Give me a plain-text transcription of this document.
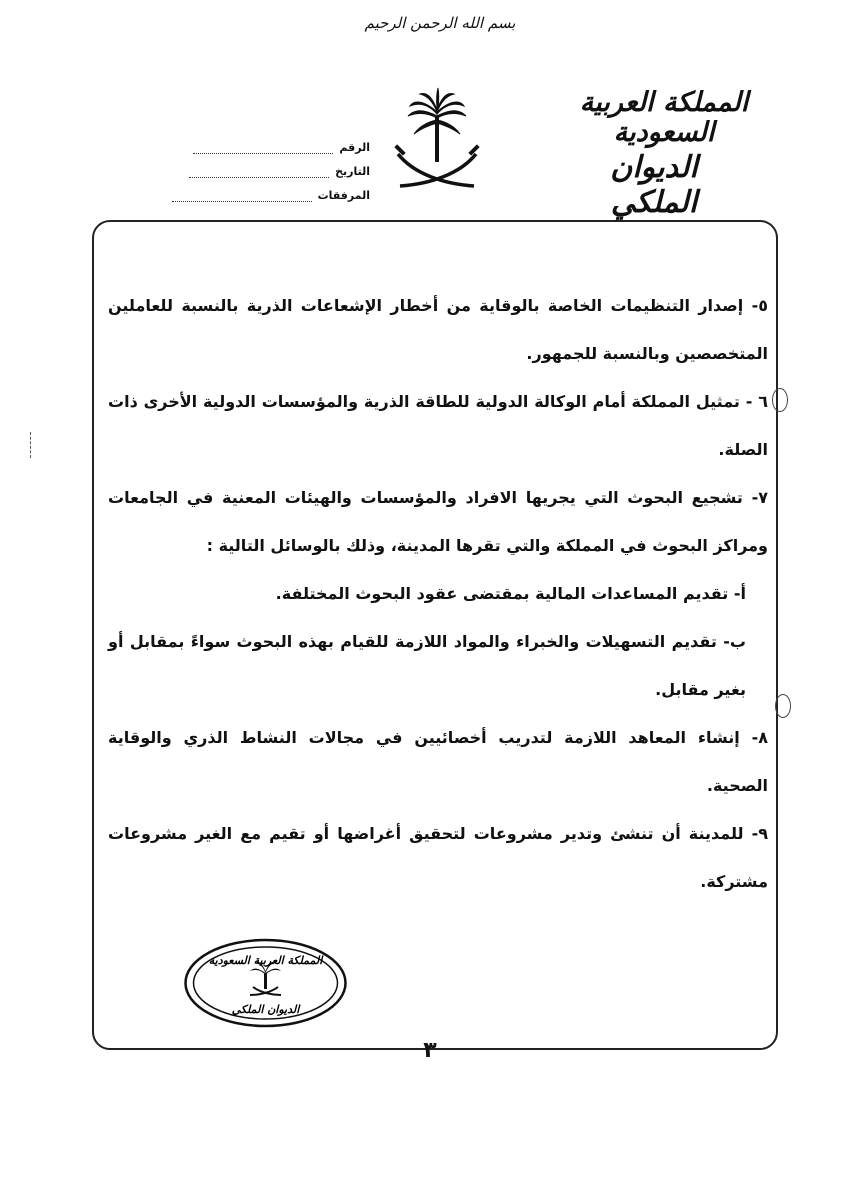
بسم الله الرحمن الرحيم
المملكة العربية السعودية
الديوان الملكي
الرقم
التاريخ
المرفقات

٥- إصدار التنظيمات الخاصة بالوقاية من أخطار الإشعاعات الذرية بالنسبة للعاملين المتخصصين وبالنسبة للجمهور.

٦ - تمثيل المملكة أمام الوكالة الدولية للطاقة الذرية والمؤسسات الدولية الأخرى ذات الصلة.

٧- تشجيع البحوث التي يجريها الافراد والمؤسسات والهيئات المعنية في الجامعات ومراكز البحوث في المملكة والتي تقرها المدينة، وذلك بالوسائل التالية :

أ- تقديم المساعدات المالية بمقتضى عقود البحوث المختلفة.

ب- تقديم التسهيلات والخبراء والمواد اللازمة للقيام بهذه البحوث سواءً بمقابل أو بغير مقابل.

٨- إنشاء المعاهد اللازمة لتدريب أخصائيين في مجالات النشاط الذري والوقاية الصحية.

٩- للمدينة أن تنشئ وتدير مشروعات لتحقيق أغراضها أو تقيم مع الغير مشروعات مشتركة.

المملكة العربية السعودية
الديوان الملكي
٣
